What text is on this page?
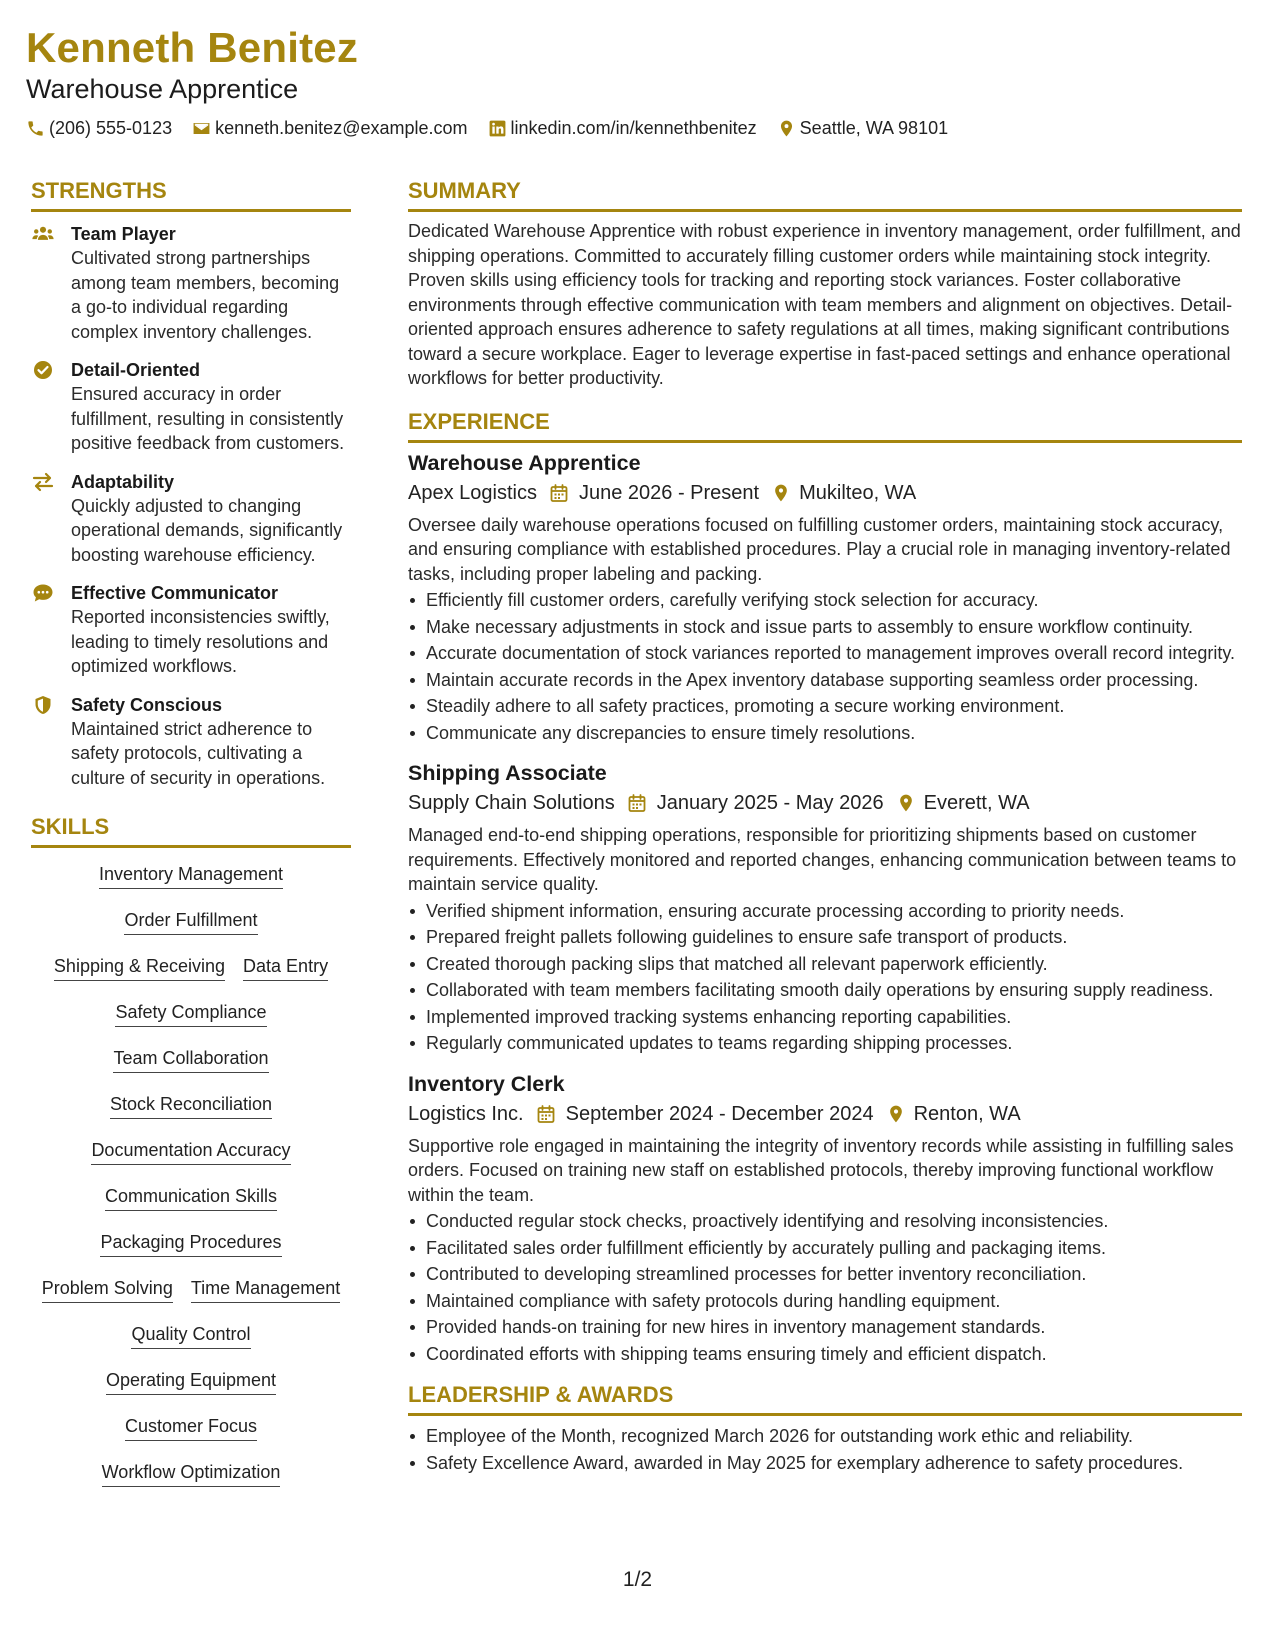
Kenneth Benitez
Warehouse Apprentice
(206) 555-0123 kenneth.benitez@example.com linkedin.com/in/kennethbenitez Seattle, WA 98101
STRENGTHS
Team Player
Cultivated strong partnerships among team members, becoming a go-to individual regarding complex inventory challenges.
Detail-Oriented
Ensured accuracy in order fulfillment, resulting in consistently positive feedback from customers.
Adaptability
Quickly adjusted to changing operational demands, significantly boosting warehouse efficiency.
Effective Communicator
Reported inconsistencies swiftly, leading to timely resolutions and optimized workflows.
Safety Conscious
Maintained strict adherence to safety protocols, cultivating a culture of security in operations.
SKILLS
Inventory Management
Order Fulfillment
Shipping & Receiving Data Entry
Safety Compliance
Team Collaboration
Stock Reconciliation
Documentation Accuracy
Communication Skills
Packaging Procedures
Problem Solving Time Management
Quality Control
Operating Equipment
Customer Focus
Workflow Optimization
SUMMARY
Dedicated Warehouse Apprentice with robust experience in inventory management, order fulfillment, and shipping operations. Committed to accurately filling customer orders while maintaining stock integrity. Proven skills using efficiency tools for tracking and reporting stock variances. Foster collaborative environments through effective communication with team members and alignment on objectives. Detail-oriented approach ensures adherence to safety regulations at all times, making significant contributions toward a secure workplace. Eager to leverage expertise in fast-paced settings and enhance operational workflows for better productivity.
EXPERIENCE
Warehouse Apprentice
Apex Logistics June 2026 - Present Mukilteo, WA
Oversee daily warehouse operations focused on fulfilling customer orders, maintaining stock accuracy, and ensuring compliance with established procedures. Play a crucial role in managing inventory-related tasks, including proper labeling and packing.
Efficiently fill customer orders, carefully verifying stock selection for accuracy.
Make necessary adjustments in stock and issue parts to assembly to ensure workflow continuity.
Accurate documentation of stock variances reported to management improves overall record integrity.
Maintain accurate records in the Apex inventory database supporting seamless order processing.
Steadily adhere to all safety practices, promoting a secure working environment.
Communicate any discrepancies to ensure timely resolutions.
Shipping Associate
Supply Chain Solutions January 2025 - May 2026 Everett, WA
Managed end-to-end shipping operations, responsible for prioritizing shipments based on customer requirements. Effectively monitored and reported changes, enhancing communication between teams to maintain service quality.
Verified shipment information, ensuring accurate processing according to priority needs.
Prepared freight pallets following guidelines to ensure safe transport of products.
Created thorough packing slips that matched all relevant paperwork efficiently.
Collaborated with team members facilitating smooth daily operations by ensuring supply readiness.
Implemented improved tracking systems enhancing reporting capabilities.
Regularly communicated updates to teams regarding shipping processes.
Inventory Clerk
Logistics Inc. September 2024 - December 2024 Renton, WA
Supportive role engaged in maintaining the integrity of inventory records while assisting in fulfilling sales orders. Focused on training new staff on established protocols, thereby improving functional workflow within the team.
Conducted regular stock checks, proactively identifying and resolving inconsistencies.
Facilitated sales order fulfillment efficiently by accurately pulling and packaging items.
Contributed to developing streamlined processes for better inventory reconciliation.
Maintained compliance with safety protocols during handling equipment.
Provided hands-on training for new hires in inventory management standards.
Coordinated efforts with shipping teams ensuring timely and efficient dispatch.
LEADERSHIP & AWARDS
Employee of the Month, recognized March 2026 for outstanding work ethic and reliability.
Safety Excellence Award, awarded in May 2025 for exemplary adherence to safety procedures.
1/2
